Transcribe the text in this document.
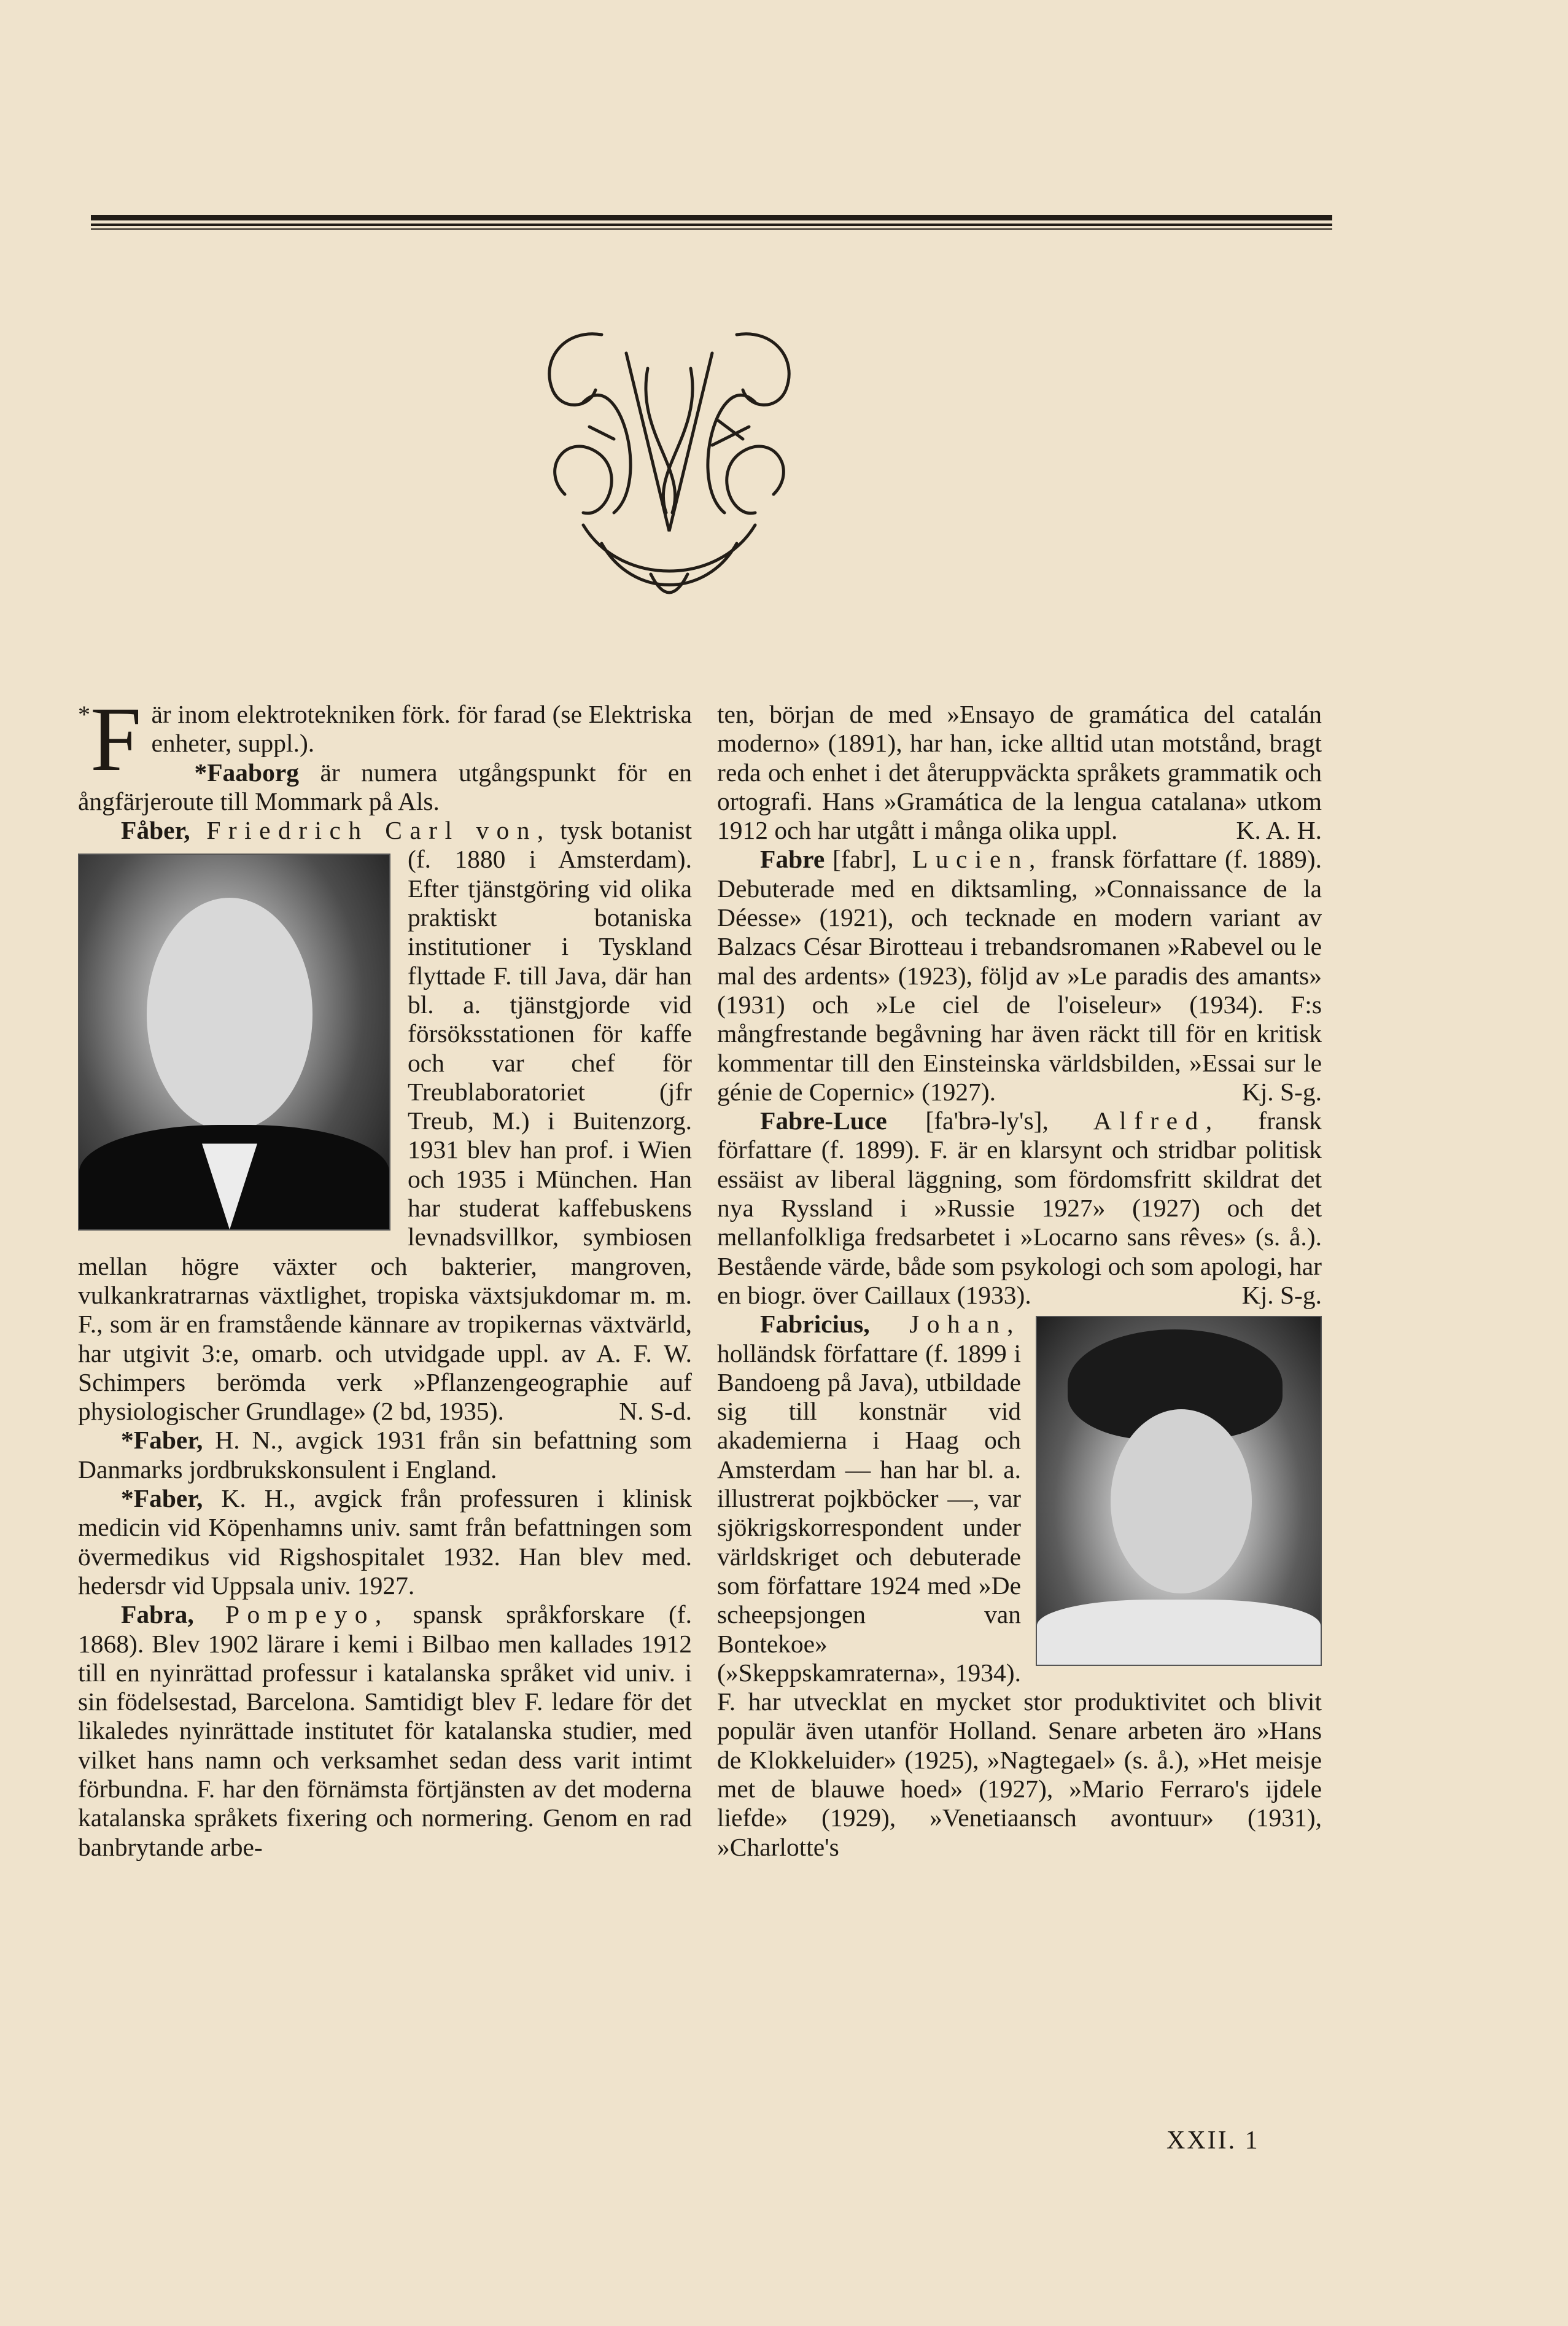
*F är inom elektrotekniken förk. för farad (se Elektriska enheter, suppl.).

*Faaborg är numera utgångspunkt för en ångfärjeroute till Mommark på Als.

Fåber, Friedrich Carl von,
tysk botanist (f. 1880 i Amsterdam). Efter tjänstgöring vid olika praktiskt botaniska institutioner i Tyskland flyttade F. till Java, där han bl. a. tjänstgjorde vid försöksstationen för kaffe och var chef för Treublaboratoriet (jfr Treub, M.) i Buitenzorg. 1931 blev han prof. i Wien och 1935 i München. Han har studerat kaffebuskens levnadsvillkor, symbiosen mellan högre växter och bakterier, mangroven, vulkankratrarnas växtlighet, tropiska växtsjukdomar m. m. F., som är en framstående kännare av tropikernas växtvärld, har utgivit 3:e, omarb. och utvidgade uppl. av A. F. W. Schimpers berömda verk »Pflanzengeographie auf physiologischer Grundlage» (2 bd, 1935).	N. S-d.

*Faber, H. N., avgick 1931 från sin befattning som Danmarks jordbrukskonsulent i England.

*Faber, K. H., avgick från professuren i klinisk medicin vid Köpenhamns univ. samt från befattningen som övermedikus vid Rigshospitalet 1932. Han blev med. hedersdr vid Uppsala univ. 1927.

Fabra, Pompeyo, spansk språkforskare (f. 1868). Blev 1902 lärare i kemi i Bilbao men kallades 1912 till en nyinrättad professur i katalanska språket vid univ. i sin födelsestad, Barcelona. Samtidigt blev F. ledare för det likaledes nyinrättade institutet för katalanska studier, med vilket hans namn och verksamhet sedan dess varit intimt förbundna. F. har den förnämsta förtjänsten av det moderna katalanska språkets fixering och normering. Genom en rad banbrytande arbe-

ten, början de med »Ensayo de gramática del catalán moderno» (1891), har han, icke alltid utan motstånd, bragt reda och enhet i det återuppväckta språkets grammatik och ortografi. Hans »Gramática de la lengua catalana» utkom 1912 och har utgått i många olika uppl.	K. A. H.

Fabre [fabr], Lucien, fransk författare (f. 1889). Debuterade med en diktsamling, »Connaissance de la Déesse» (1921), och tecknade en modern variant av Balzacs César Birotteau i trebandsromanen »Rabevel ou le mal des ardents» (1923), följd av »Le paradis des amants» (1931) och »Le ciel de l'oiseleur» (1934). F:s mångfrestande begåvning har även räckt till för en kritisk kommentar till den Einsteinska världsbilden, »Essai sur le génie de Copernic» (1927).	Kj. S-g.

Fabre-Luce [fa'brə-ly's], Alfred, fransk författare (f. 1899). F. är en klarsynt och stridbar politisk essäist av liberal läggning, som fördomsfritt skildrat det nya Ryssland i »Russie 1927» (1927) och det mellanfolkliga fredsarbetet i »Locarno sans rêves» (s. å.). Bestående värde, både som psykologi och som apologi, har en biogr. över Caillaux (1933).	Kj. S-g.

Fabricius, Johan, holländsk författare (f. 1899 i Bandoeng på Java), utbildade sig till konstnär vid akademierna i Haag och Amsterdam — han har bl. a. illustrerat pojkböcker —, var sjökrigskorrespondent under världskriget och debuterade som författare 1924 med »De scheepsjongen van Bontekoe» (»Skeppskamraterna», 1934). F. har utvecklat en mycket stor produktivitet och blivit populär även utanför Holland. Senare arbeten äro »Hans de Klokkeluider» (1925), »Nagtegael» (s. å.), »Het meisje met de blauwe hoed» (1927), »Mario Ferraro's ijdele liefde» (1929), »Venetiaansch avontuur» (1931), »Charlotte's

XXII. 1
